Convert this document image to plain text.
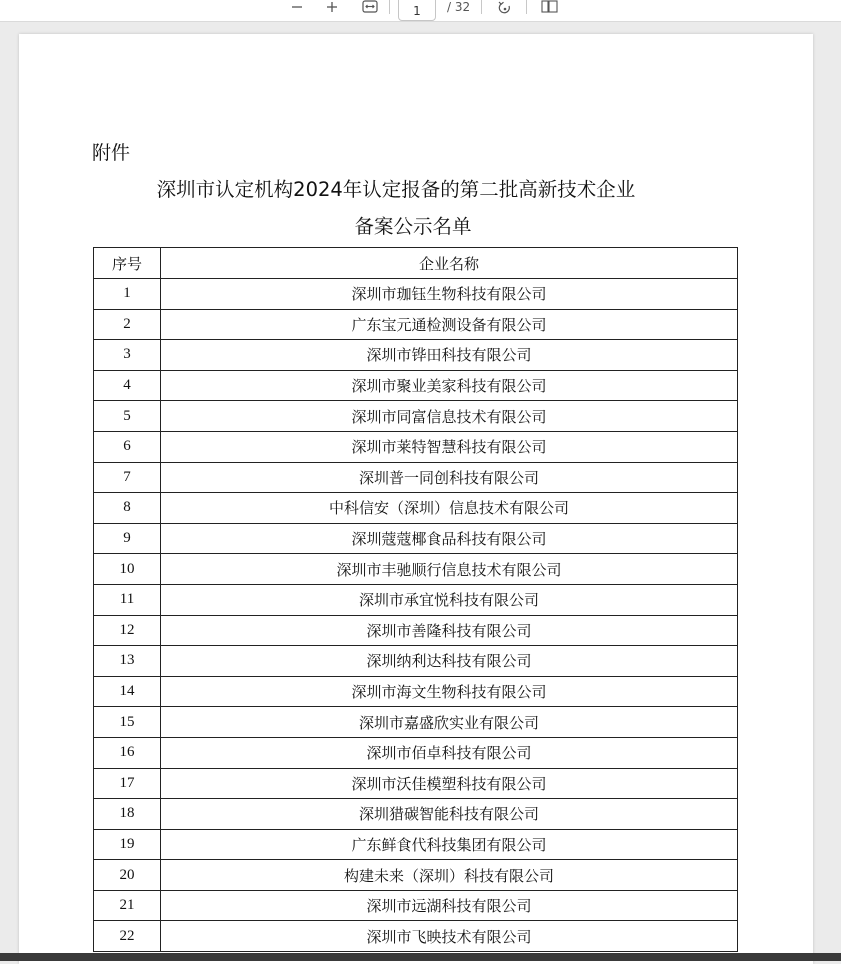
1
/ 32
附件
深圳市认定机构2024年认定报备的第二批高新技术企业
备案公示名单
序号	企业名称
1	深圳市珈钰生物科技有限公司
2	广东宝元通检测设备有限公司
3	深圳市铧田科技有限公司
4	深圳市聚业美家科技有限公司
5	深圳市同富信息技术有限公司
6	深圳市莱特智慧科技有限公司
7	深圳普一同创科技有限公司
8	中科信安（深圳）信息技术有限公司
9	深圳蔻蔻椰食品科技有限公司
10	深圳市丰驰顺行信息技术有限公司
11	深圳市承宜悦科技有限公司
12	深圳市善隆科技有限公司
13	深圳纳利达科技有限公司
14	深圳市海文生物科技有限公司
15	深圳市嘉盛欣实业有限公司
16	深圳市佰卓科技有限公司
17	深圳市沃佳模塑科技有限公司
18	深圳猎碳智能科技有限公司
19	广东鲜食代科技集团有限公司
20	构建未来（深圳）科技有限公司
21	深圳市远湖科技有限公司
22	深圳市飞映技术有限公司
